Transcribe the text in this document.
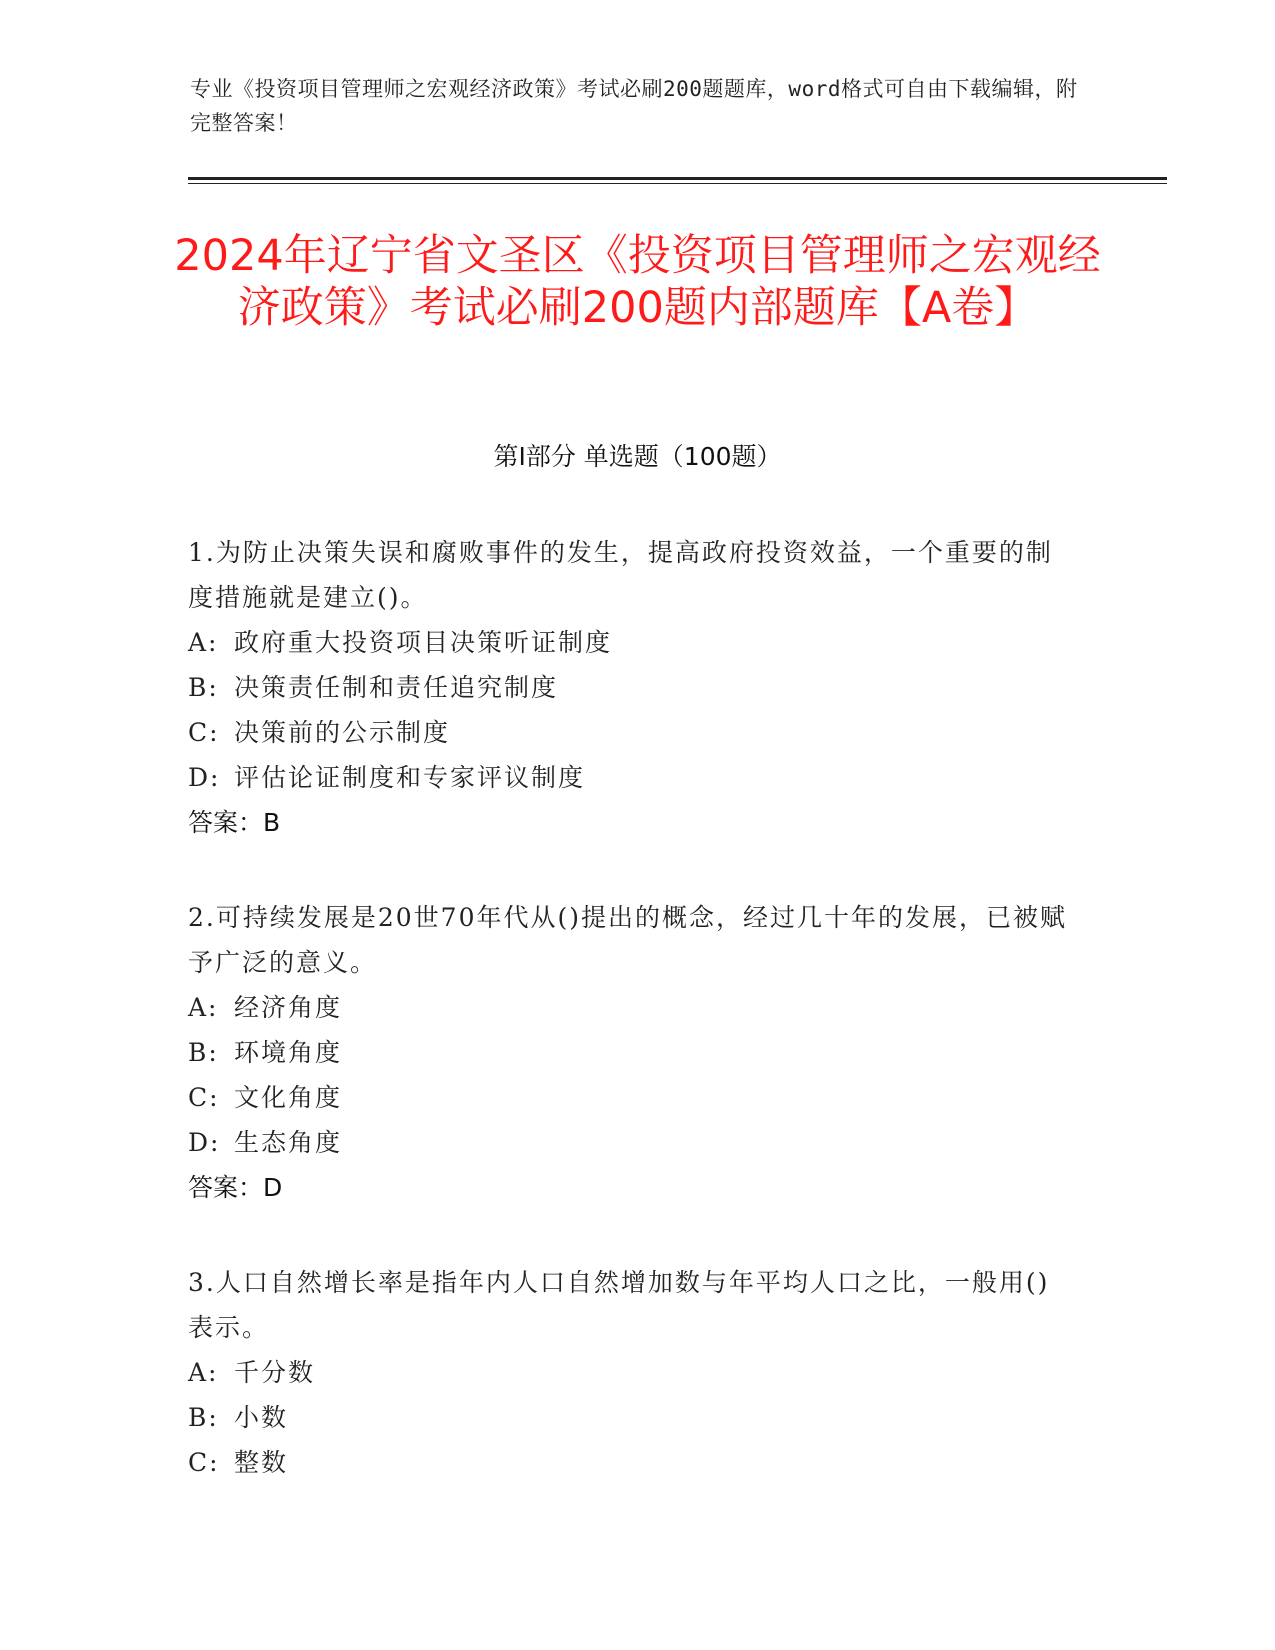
专业《投资项目管理师之宏观经济政策》考试必刷200题题库，word格式可自由下载编辑，附完整答案！
2024年辽宁省文圣区《投资项目管理师之宏观经济政策》考试必刷200题内部题库【A卷】
第I部分 单选题（100题）
1.为防止决策失误和腐败事件的发生，提高政府投资效益，一个重要的制度措施就是建立()。
A: 政府重大投资项目决策听证制度
B: 决策责任制和责任追究制度
C: 决策前的公示制度
D: 评估论证制度和专家评议制度
答案：B
2.可持续发展是20世70年代从()提出的概念，经过几十年的发展，已被赋予广泛的意义。
A: 经济角度
B: 环境角度
C: 文化角度
D: 生态角度
答案：D
3.人口自然增长率是指年内人口自然增加数与年平均人口之比，一般用()表示。
A: 千分数
B: 小数
C: 整数
